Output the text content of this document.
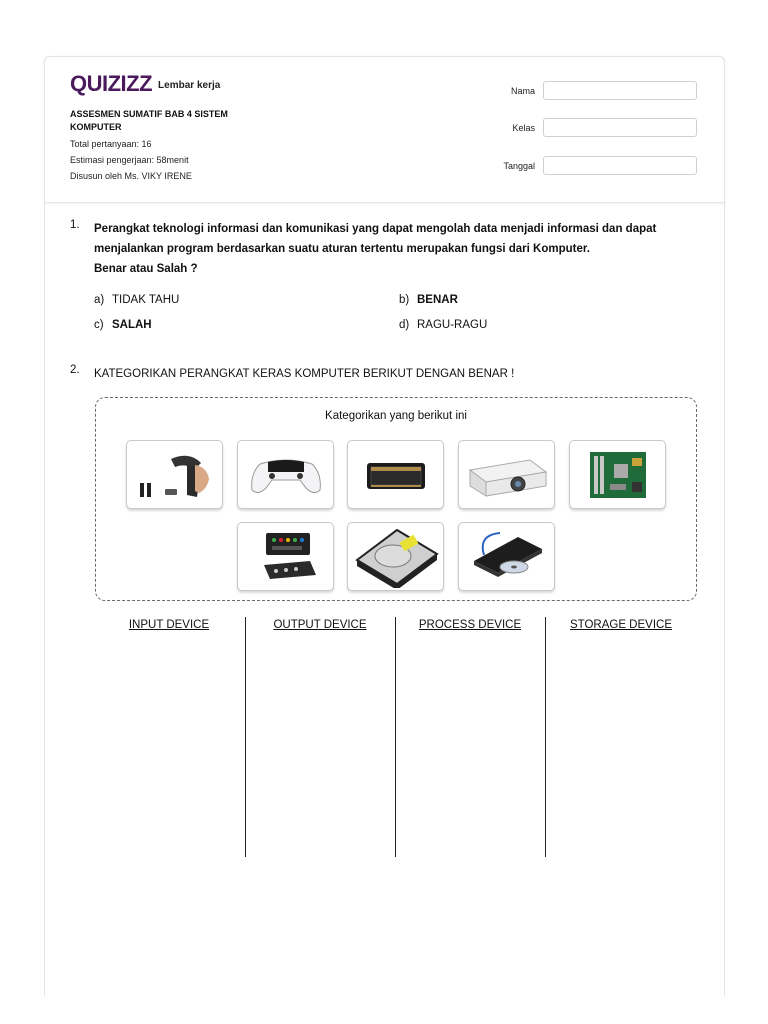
QUIZIZZ Lembar kerja
ASSESMEN SUMATIF BAB 4 SISTEM KOMPUTER
Total pertanyaan: 16
Estimasi pengerjaan: 58menit
Disusun oleh Ms. VIKY IRENE
Nama
Kelas
Tanggal
1.	Perangkat teknologi informasi dan komunikasi yang dapat mengolah data menjadi informasi dan dapat
menjalankan program berdasarkan suatu aturan tertentu merupakan fungsi dari Komputer.
Benar atau Salah ?
a) TIDAK TAHU	b) BENAR
c) SALAH	d) RAGU-RAGU
2.	KATEGORIKAN PERANGKAT KERAS KOMPUTER BERIKUT DENGAN BENAR !
Kategorikan yang berikut ini
INPUT DEVICE	OUTPUT DEVICE	PROCESS DEVICE	STORAGE DEVICE
